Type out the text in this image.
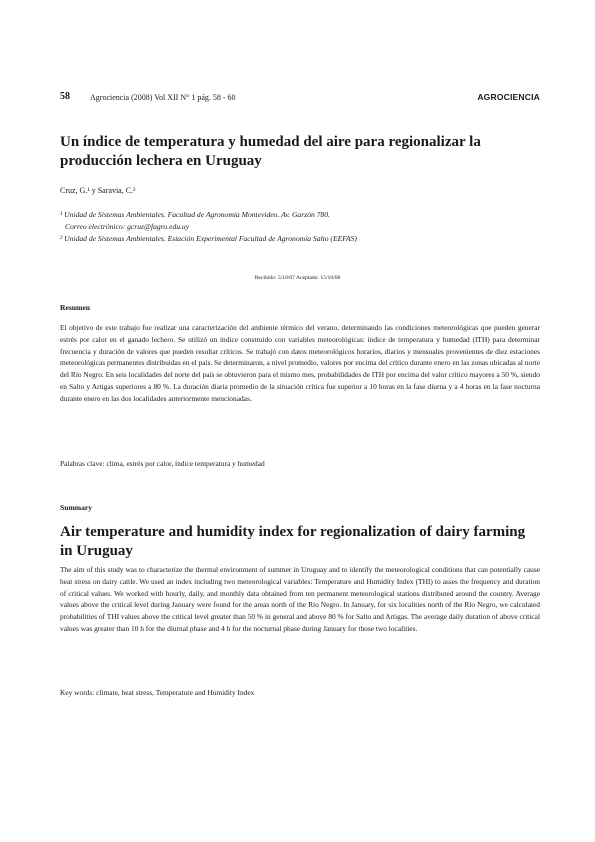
58	Agrociencia (2008) Vol XII N° 1 pág. 58 - 60	AGROCIENCIA
Un índice de temperatura y humedad del aire para regionalizar la producción lechera en Uruguay
Cruz, G.¹ y Saravia, C.²

¹ Unidad de Sistemas Ambientales. Facultad de Agronomía Montevideo. Av. Garzón 780.

Correo electrónico: gcruz@fagro.edu.uy

² Unidad de Sistemas Ambientales. Estación Experimental Facultad de Agronomía Salto (EEFAS)

Recibido: 5/10/07 Aceptado: 15/10/08
Resumen

El objetivo de este trabajo fue realizar una caracterización del ambiente térmico del verano, determinando las condiciones meteorológicas que pueden generar estrés por calor en el ganado lechero. Se utilizó un índice construido con variables meteorológicas: índice de temperatura y humedad (ITH) para determinar frecuencia y duración de valores que pueden resultar críticos. Se trabajó con datos meteorológicos horarios, diarios y mensuales provenientes de diez estaciones meteorológicas permanentes distribuidas en el país. Se determinaron, a nivel promedio, valores por encima del crítico durante enero en las zonas ubicadas al norte del Río Negro. En seis localidades del norte del país se obtuvieron para el mismo mes, probabilidades de ITH por encima del valor crítico mayores a 50 %, siendo en Salto y Artigas superiores a 80 %. La duración diaria promedio de la situación crítica fue superior a 10 horas en la fase diurna y a 4 horas en la fase nocturna durante enero en las dos localidades anteriormente mencionadas.

Palabras clave: clima, estrés por calor, índice temperatura y humedad

Summary
Air temperature and humidity index for regionalization of dairy farming in Uruguay

The aim of this study was to characterize the thermal environment of summer in Uruguay and to identify the meteorological conditions that can potentially cause heat stress on dairy cattle. We used an index including two meteorological variables: Temperature and Humidity Index (THI) to asses the frequency and duration of critical values. We worked with hourly, daily, and monthly data obtained from ten permanent meteorological stations distributed around the country. Average values above the critical level during January were found for the areas north of the Río Negro. In January, for six localities north of the Río Negro, we calculated probabilities of THI values above the critical level greater than 50 % in general and above 80 % for Salto and Artigas. The average daily duration of above critical values was greater than 10 h for the diurnal phase and 4 h for the nocturnal phase during January for those two localities.

Key words: climate, heat stress, Temperature and Humidity Index
